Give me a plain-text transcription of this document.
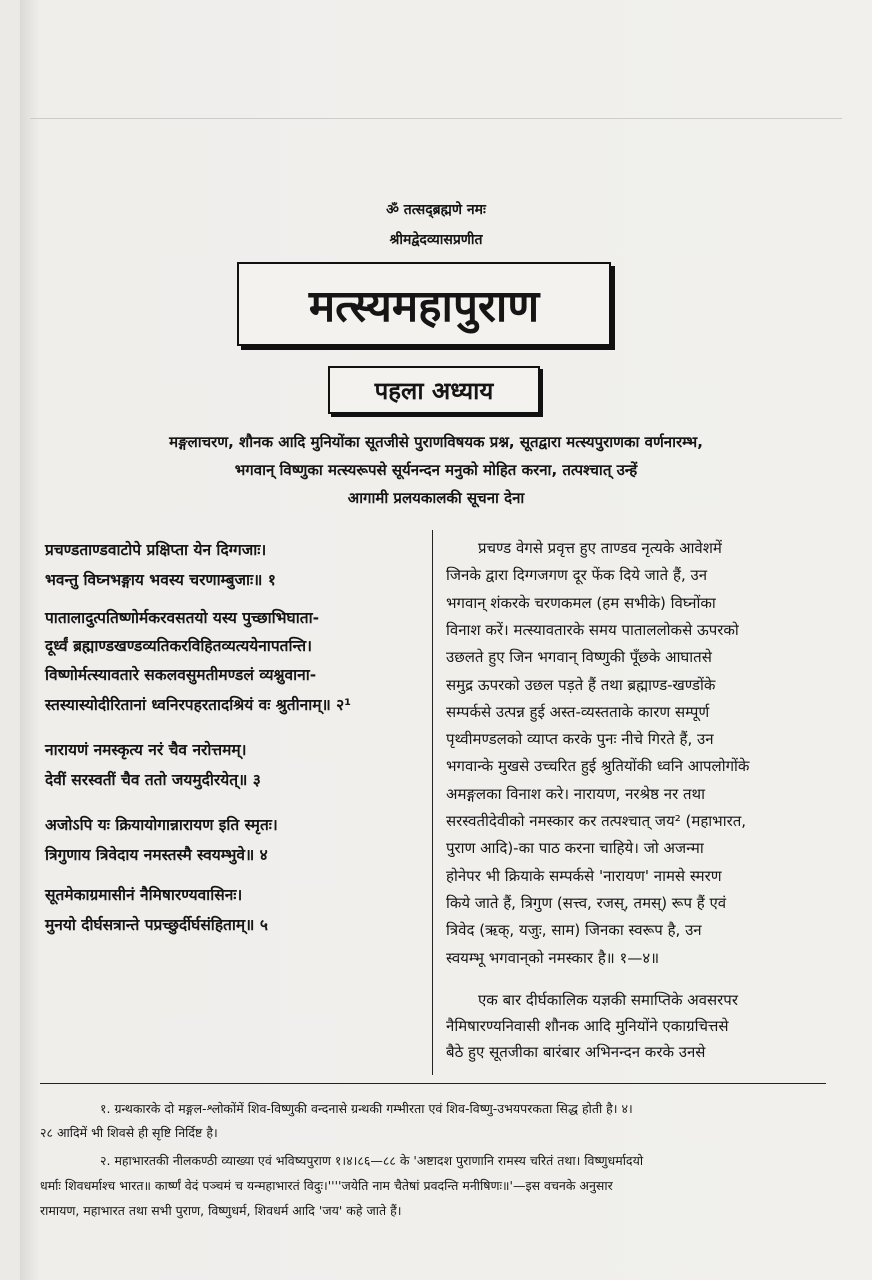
ॐ तत्सद्ब्रह्मणे नमः
श्रीमद्वेदव्यासप्रणीत
मत्स्यमहापुराण
पहला अध्याय
मङ्गलाचरण, शौनक आदि मुनियोंका सूतजीसे पुराणविषयक प्रश्न, सूतद्वारा मत्स्यपुराणका वर्णनारम्भ,
भगवान् विष्णुका मत्स्यरूपसे सूर्यनन्दन मनुको मोहित करना, तत्पश्चात् उन्हें
आगामी प्रलयकालकी सूचना देना
प्रचण्डताण्डवाटोपे प्रक्षिप्ता येन दिग्गजाः।
भवन्तु विघ्नभङ्गाय भवस्य चरणाम्बुजाः॥ १
पातालादुत्पतिष्णोर्मकरवसतयो यस्य पुच्छाभिघाता-
दूर्ध्वं ब्रह्माण्डखण्डव्यतिकरविहितव्यत्ययेनापतन्ति।
विष्णोर्मत्स्यावतारे सकलवसुमतीमण्डलं व्यश्नुवाना-
स्तस्यास्योदीरितानां ध्वनिरपहरतादश्रियं वः श्रुतीनाम्॥ २¹
नारायणं नमस्कृत्य नरं चैव नरोत्तमम्।
देवीं सरस्वतीं चैव ततो जयमुदीरयेत्॥ ३
अजोऽपि यः क्रियायोगान्नारायण इति स्मृतः।
त्रिगुणाय त्रिवेदाय नमस्तस्मै स्वयम्भुवे॥ ४
सूतमेकाग्रमासीनं नैमिषारण्यवासिनः।
मुनयो दीर्घसत्रान्ते पप्रच्छुर्दीर्घसंहिताम्॥ ५
प्रचण्ड वेगसे प्रवृत्त हुए ताण्डव नृत्यके आवेशमें
जिनके द्वारा दिग्गजगण दूर फेंक दिये जाते हैं, उन
भगवान् शंकरके चरणकमल (हम सभीके) विघ्नोंका
विनाश करें। मत्स्यावतारके समय पाताललोकसे ऊपरको
उछलते हुए जिन भगवान् विष्णुकी पूँछके आघातसे
समुद्र ऊपरको उछल पड़ते हैं तथा ब्रह्माण्ड-खण्डोंके
सम्पर्कसे उत्पन्न हुई अस्त-व्यस्तताके कारण सम्पूर्ण
पृथ्वीमण्डलको व्याप्त करके पुनः नीचे गिरते हैं, उन
भगवान्के मुखसे उच्चरित हुई श्रुतियोंकी ध्वनि आपलोगोंके
अमङ्गलका विनाश करे। नारायण, नरश्रेष्ठ नर तथा
सरस्वतीदेवीको नमस्कार कर तत्पश्चात् जय² (महाभारत,
पुराण आदि)-का पाठ करना चाहिये। जो अजन्मा
होनेपर भी क्रियाके सम्पर्कसे 'नारायण' नामसे स्मरण
किये जाते हैं, त्रिगुण (सत्त्व, रजस्, तमस्) रूप हैं एवं
त्रिवेद (ऋक्, यजुः, साम) जिनका स्वरूप है, उन
स्वयम्भू भगवान्‌को नमस्कार है॥ १—४॥
एक बार दीर्घकालिक यज्ञकी समाप्तिके अवसरपर
नैमिषारण्यनिवासी शौनक आदि मुनियोंने एकाग्रचित्तसे
बैठे हुए सूतजीका बारंबार अभिनन्दन करके उनसे
१. ग्रन्थकारके दो मङ्गल-श्लोकोंमें शिव-विष्णुकी वन्दनासे ग्रन्थकी गम्भीरता एवं शिव-विष्णु-उभयपरकता सिद्ध होती है। ४।
२८ आदिमें भी शिवसे ही सृष्टि निर्दिष्ट है।
२. महाभारतकी नीलकण्ठी व्याख्या एवं भविष्यपुराण १।४।८६—८८ के 'अष्टादश पुराणानि रामस्य चरितं तथा। विष्णुधर्मादयो
धर्माः शिवधर्माश्च भारत॥ कार्ष्णं वेदं पञ्चमं च यन्महाभारतं विदुः।''''जयेति नाम चैतेषां प्रवदन्ति मनीषिणः॥'—इस वचनके अनुसार
रामायण, महाभारत तथा सभी पुराण, विष्णुधर्म, शिवधर्म आदि 'जय' कहे जाते हैं।
